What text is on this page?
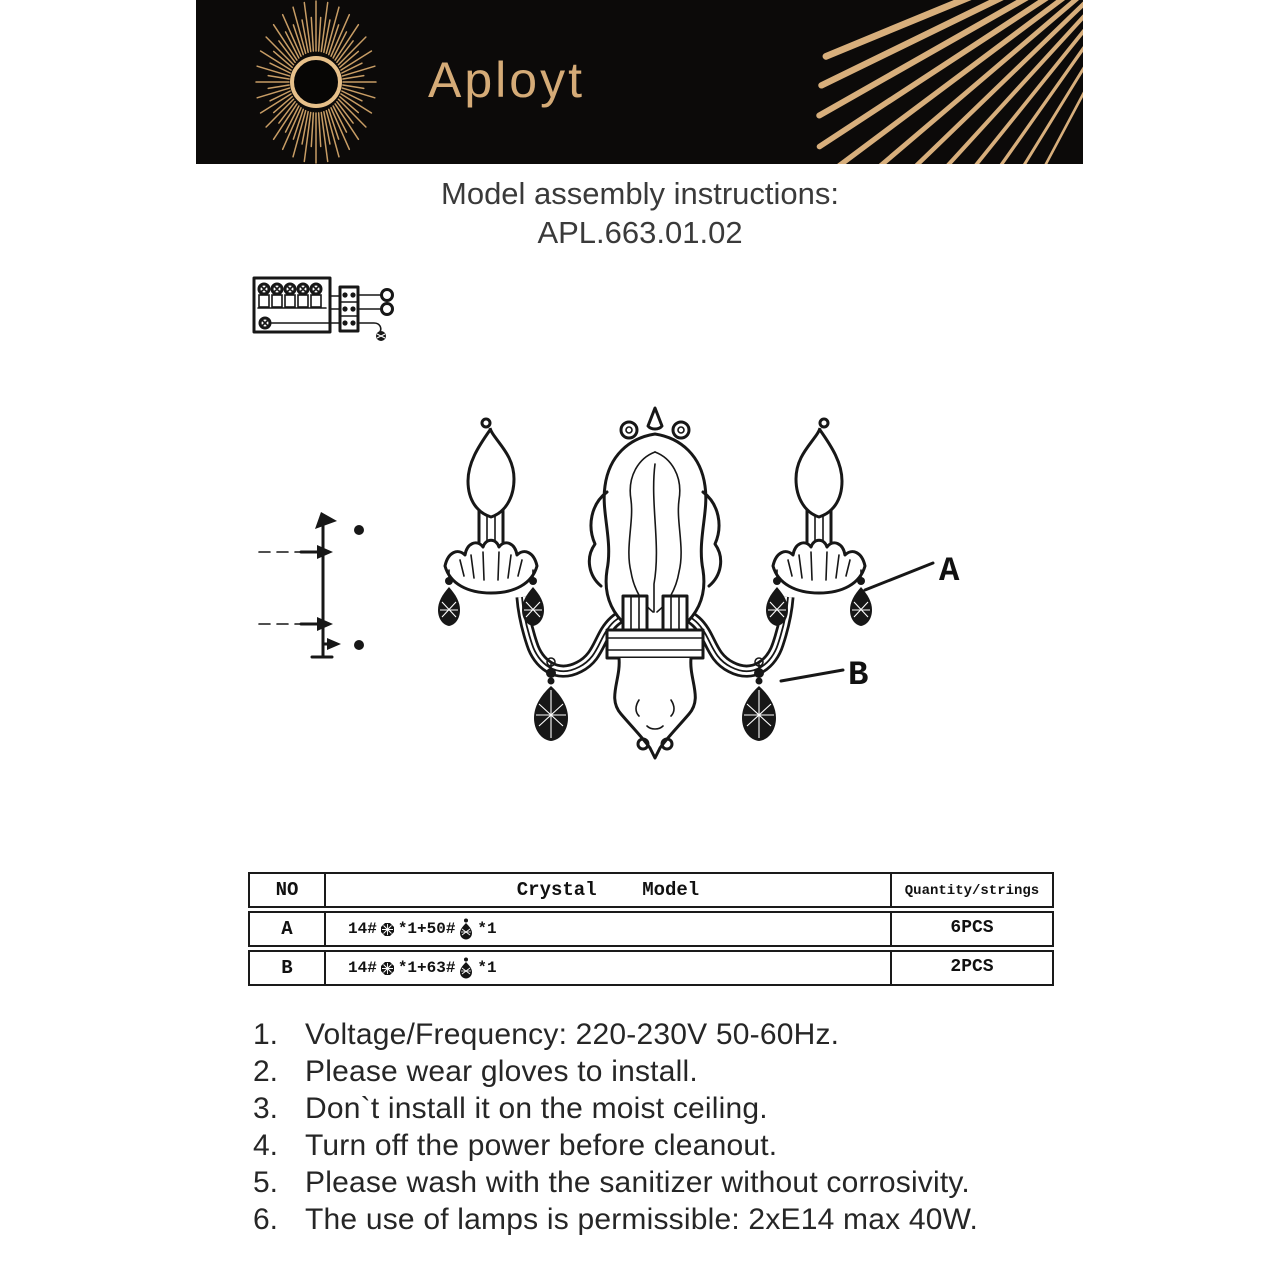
Aployt
Model assembly instructions:
APL.663.01.02
A
B
NO	Crystal    Model	Quantity/strings
A	14# *1+50# *1	6PCS
B	14# *1+63# *1	2PCS
1. Voltage/Frequency: 220-230V 50-60Hz.
2. Please wear gloves to install.
3. Don`t install it on the moist ceiling.
4. Turn off the power before cleanout.
5. Please wash with the sanitizer without corrosivity.
6. The use of lamps is permissible: 2xE14 max 40W.
